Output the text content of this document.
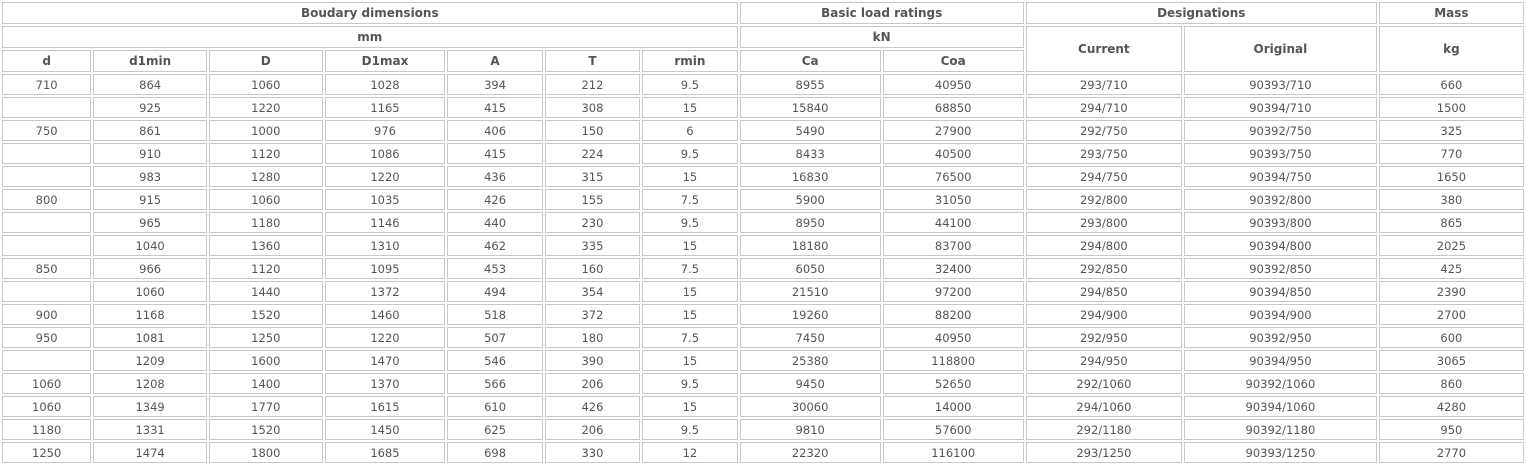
Boudary dimensions							Basic load ratings		Designations		Mass
mm							kN		Current	Original	kg
d	d1min	D	D1max	A	T	rmin	Ca	Coa			
710	864	1060	1028	394	212	9.5	8955	40950	293/710	90393/710	660
	925	1220	1165	415	308	15	15840	68850	294/710	90394/710	1500
750	861	1000	976	406	150	6	5490	27900	292/750	90392/750	325
	910	1120	1086	415	224	9.5	8433	40500	293/750	90393/750	770
	983	1280	1220	436	315	15	16830	76500	294/750	90394/750	1650
800	915	1060	1035	426	155	7.5	5900	31050	292/800	90392/800	380
	965	1180	1146	440	230	9.5	8950	44100	293/800	90393/800	865
	1040	1360	1310	462	335	15	18180	83700	294/800	90394/800	2025
850	966	1120	1095	453	160	7.5	6050	32400	292/850	90392/850	425
	1060	1440	1372	494	354	15	21510	97200	294/850	90394/850	2390
900	1168	1520	1460	518	372	15	19260	88200	294/900	90394/900	2700
950	1081	1250	1220	507	180	7.5	7450	40950	292/950	90392/950	600
	1209	1600	1470	546	390	15	25380	118800	294/950	90394/950	3065
1060	1208	1400	1370	566	206	9.5	9450	52650	292/1060	90392/1060	860
1060	1349	1770	1615	610	426	15	30060	14000	294/1060	90394/1060	4280
1180	1331	1520	1450	625	206	9.5	9810	57600	292/1180	90392/1180	950
1250	1474	1800	1685	698	330	12	22320	116100	293/1250	90393/1250	2770
